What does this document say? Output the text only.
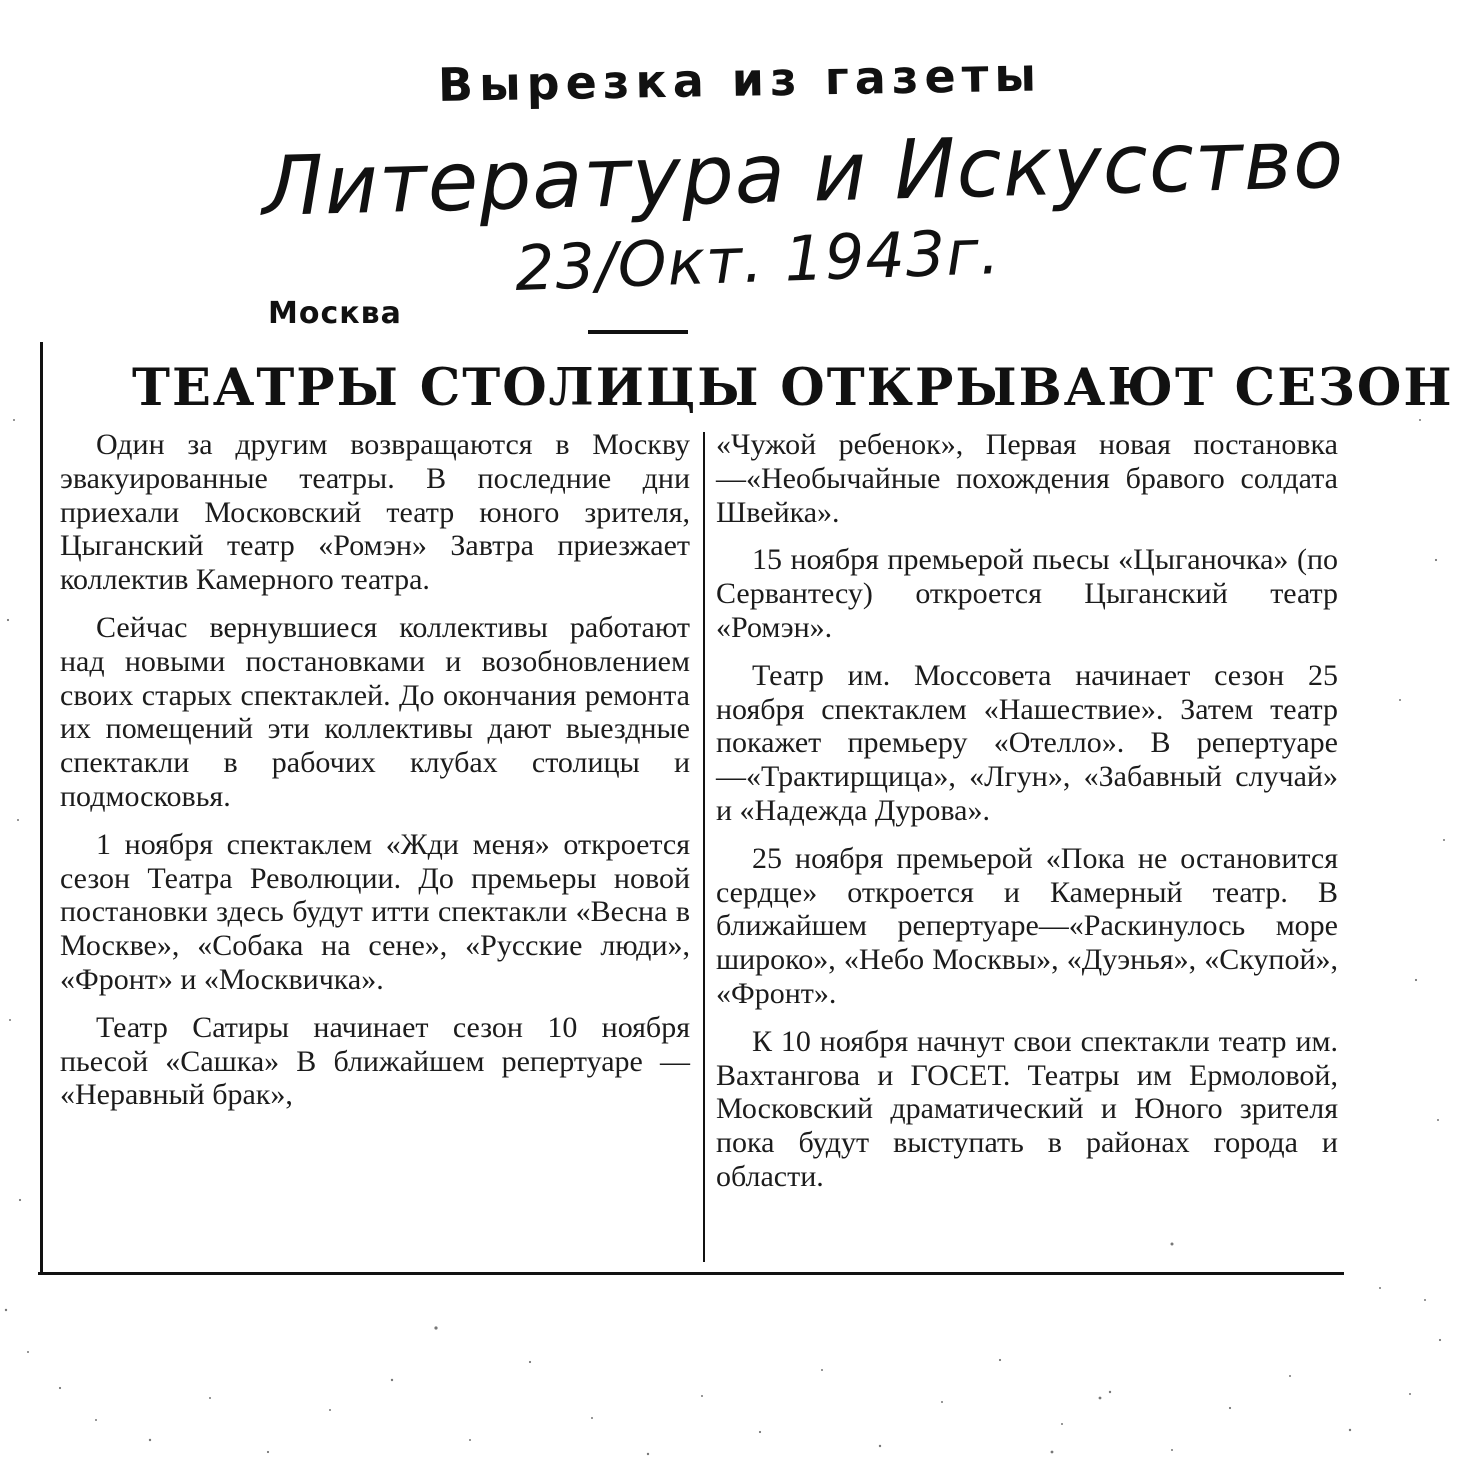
Вырезка из газеты
Литература и Искусство
23/Окт. 1943г.
Москва
ТЕАТРЫ СТОЛИЦЫ ОТКРЫВАЮТ СЕЗОН

Один за другим возвращаются в Москву эвакуированные театры. В последние дни приехали Московский театр юного зрителя, Цыганский театр «Ромэн» Завтра приезжает коллектив Камерного театра.

Сейчас вернувшиеся коллективы работают над новыми постановками и возобновлением своих старых спектаклей. До окончания ремонта их помещений эти коллективы дают выездные спектакли в рабочих клубах столицы и подмосковья.

1 ноября спектаклем «Жди меня» откроется сезон Театра Революции. До премьеры новой постановки здесь будут итти спектакли «Весна в Москве», «Собака на сене», «Русские люди», «Фронт» и «Москвичка».

Театр Сатиры начинает сезон 10 ноября пьесой «Сашка» В ближайшем репертуаре — «Неравный брак»,

«Чужой ребенок», Первая новая постановка—«Необычайные похождения бравого солдата Швейка».

15 ноября премьерой пьесы «Цыганочка» (по Сервантесу) откроется Цыганский театр «Ромэн».

Театр им. Моссовета начинает сезон 25 ноября спектаклем «Нашествие». Затем театр покажет премьеру «Отелло». В репертуаре—«Трактирщица», «Лгун», «Забавный случай» и «Надежда Дурова».

25 ноября премьерой «Пока не остановится сердце» откроется и Камерный театр. В ближайшем репертуаре—«Раскинулось море широко», «Небо Москвы», «Дуэнья», «Скупой», «Фронт».

К 10 ноября начнут свои спектакли театр им. Вахтангова и ГОСЕТ. Театры им Ермоловой, Московский драматический и Юного зрителя пока будут выступать в районах города и области.
